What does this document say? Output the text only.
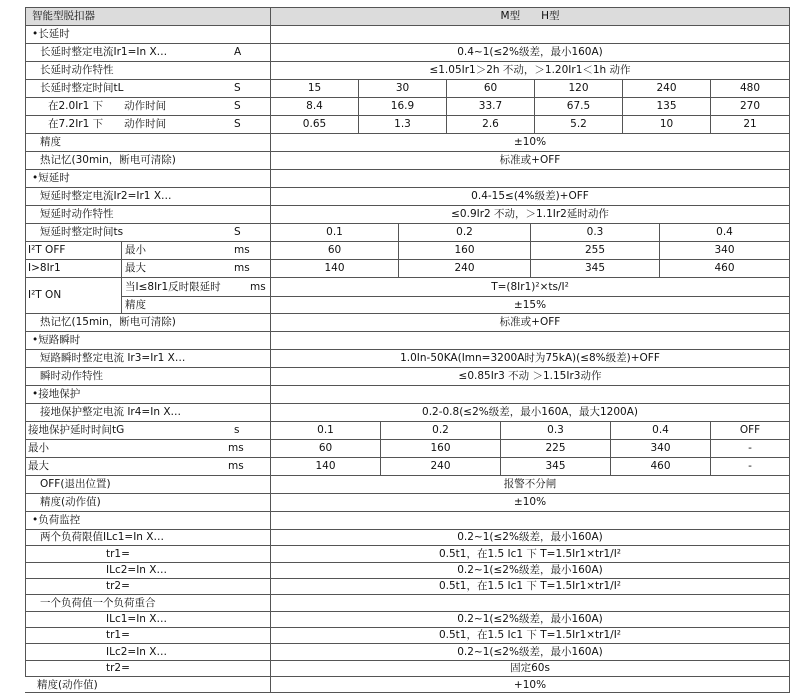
智能型脱扣器	M型　　H型
•长延时
长延时整定电流Ir1=In X…	A	0.4~1(≤2%级差，最小160A)
长延时动作特性	≤1.05Ir1＞2h 不动，＞1.20Ir1＜1h 动作
长延时整定时间tL	S	15	30	60	120	240	480
在2.0Ir1 下　　动作时间	S	8.4	16.9	33.7	67.5	135	270
在7.2Ir1 下　　动作时间	S	0.65	1.3	2.6	5.2	10	21
精度	±10%
热记忆(30min，断电可清除)	标准或+OFF
•短延时
短延时整定电流Ir2=Ir1 X…	0.4-15≤(4%级差)+OFF
短延时动作特性	≤0.9Ir2 不动，＞1.1Ir2延时动作
短延时整定时间ts	S	0.1	0.2	0.3	0.4
I²T OFF	最小	ms	60	160	255	340
I>8Ir1	最大	ms	140	240	345	460
I²T ON
当I≤8Ir1反时限延时	ms	T=(8Ir1)²×ts/I²
精度	±15%
热记忆(15min，断电可清除)	标准或+OFF
•短路瞬时
短路瞬时整定电流 Ir3=Ir1 X…	1.0In-50KA(Imn=3200A时为75kA)(≤8%级差)+OFF
瞬时动作特性	≤0.85Ir3 不动 ＞1.15Ir3动作
•接地保护
接地保护整定电流 Ir4=In X…	0.2-0.8(≤2%级差，最小160A，最大1200A)
接地保护延时时间tG	s	0.1	0.2	0.3	0.4	OFF
最小	ms	60	160	225	340	-
最大	ms	140	240	345	460	-
OFF(退出位置)	报警不分闸
精度(动作值)	±10%
•负荷监控
两个负荷限值ILc1=In X…	0.2~1(≤2%级差，最小160A)
tr1=	0.5t1，在1.5 Ic1 下 T=1.5Ir1×tr1/I²
ILc2=In X…	0.2~1(≤2%级差，最小160A)
tr2=	0.5t1，在1.5 Ic1 下 T=1.5Ir1×tr1/I²
一个负荷值一个负荷重合
ILc1=In X…	0.2~1(≤2%级差，最小160A)
tr1=	0.5t1，在1.5 Ic1 下 T=1.5Ir1×tr1/I²
ILc2=In X…	0.2~1(≤2%级差，最小160A)
tr2=	固定60s
精度(动作值)	+10%
